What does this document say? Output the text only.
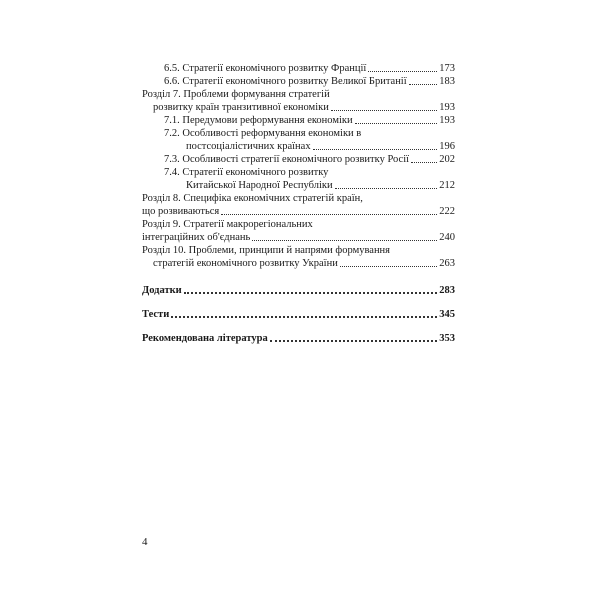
6.5. Стратегії економічного розвитку Франції	173
6.6. Стратегії економічного розвитку Великої Британії	183
Розділ 7. Проблеми формування стратегій
розвитку країн транзитивної економіки	193
7.1. Передумови реформування економіки	193
7.2. Особливості реформування економіки в
постсоціалістичних країнах	196
7.3. Особливості стратегії економічного розвитку Росії	202
7.4. Стратегії економічного розвитку
Китайської Народної Республіки	212
Розділ 8. Специфіка економічних стратегій країн,
що розвиваються	222
Розділ 9. Стратегії макрорегіональних
інтеграційних об'єднань	240
Розділ 10. Проблеми, принципи й напрями формування
стратегій економічного розвитку України	263
Додатки	283
Тести	345
Рекомендована література	353
4
